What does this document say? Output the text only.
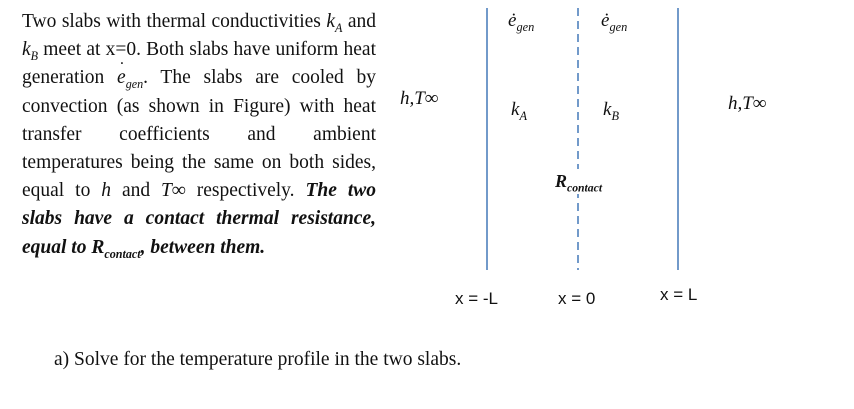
Two slabs with thermal conductivities $k_A$ and $k_B$ meet at x=0. Both slabs have uniform heat generation ˙ $e_{gen}$. The slabs are cooled by convection (as shown in Figure) with heat transfer coefficients and ambient temperatures being the same on both sides, equal to h and T∞ respectively. The two slabs have a contact thermal resistance, equal to $R_{contact}$, between them.
h,T∞	h,T∞
$ė_{gen}$	$ė_{gen}$
$k_A$	$k_B$
$R_{contact}$
x = -L	x = 0	x = L
a) Solve for the temperature profile in the two slabs.
